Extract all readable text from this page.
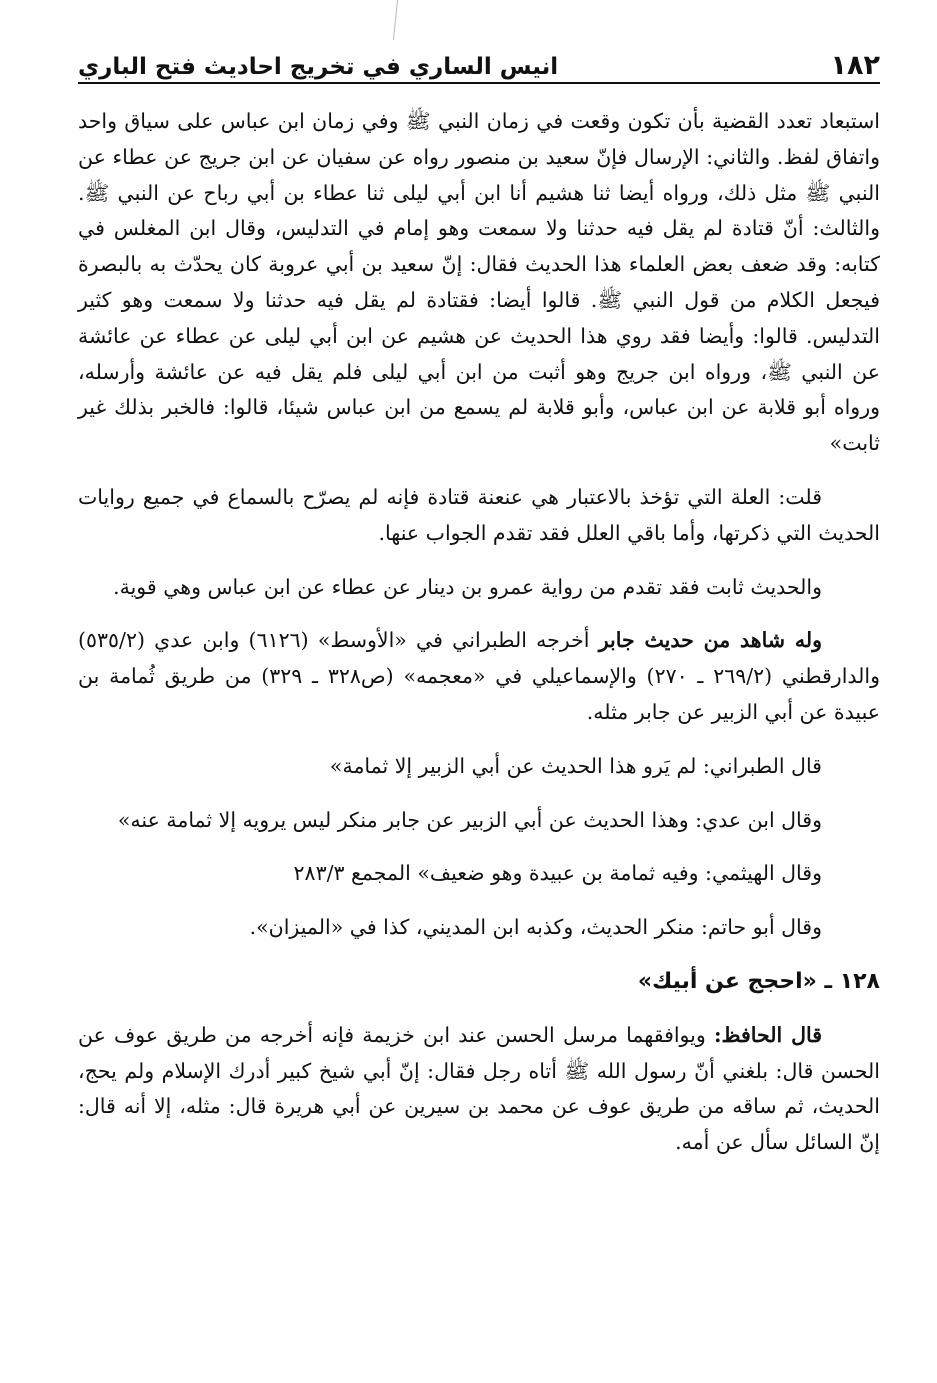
انيس الساري في تخريج احاديث فتح الباري	١٨٢

استبعاد تعدد القضية بأن تكون وقعت في زمان النبي ﷺ وفي زمان ابن عباس على سياق واحد واتفاق لفظ. والثاني: الإرسال فإنّ سعيد بن منصور رواه عن سفيان عن ابن جريج عن عطاء عن النبي ﷺ مثل ذلك، ورواه أيضا ثنا هشيم أنا ابن أبي ليلى ثنا عطاء بن أبي رباح عن النبي ﷺ. والثالث: أنّ قتادة لم يقل فيه حدثنا ولا سمعت وهو إمام في التدليس، وقال ابن المغلس في كتابه: وقد ضعف بعض العلماء هذا الحديث فقال: إنّ سعيد بن أبي عروبة كان يحدّث به بالبصرة فيجعل الكلام من قول النبي ﷺ. قالوا أيضا: فقتادة لم يقل فيه حدثنا ولا سمعت وهو كثير التدليس. قالوا: وأيضا فقد روي هذا الحديث عن هشيم عن ابن أبي ليلى عن عطاء عن عائشة عن النبي ﷺ، ورواه ابن جريج وهو أثبت من ابن أبي ليلى فلم يقل فيه عن عائشة وأرسله، ورواه أبو قلابة عن ابن عباس، وأبو قلابة لم يسمع من ابن عباس شيئا، قالوا: فالخبر بذلك غير ثابت»

قلت: العلة التي تؤخذ بالاعتبار هي عنعنة قتادة فإنه لم يصرّح بالسماع في جميع روايات الحديث التي ذكرتها، وأما باقي العلل فقد تقدم الجواب عنها.

والحديث ثابت فقد تقدم من رواية عمرو بن دينار عن عطاء عن ابن عباس وهي قوية.

وله شاهد من حديث جابر أخرجه الطبراني في «الأوسط» (٦١٢٦) وابن عدي (٥٣٥/٢) والدارقطني (٢٦٩/٢ ـ ٢٧٠) والإسماعيلي في «معجمه» (ص٣٢٨ ـ ٣٢٩) من طريق ثُمامة بن عبيدة عن أبي الزبير عن جابر مثله.

قال الطبراني: لم يَرو هذا الحديث عن أبي الزبير إلا ثمامة»

وقال ابن عدي: وهذا الحديث عن أبي الزبير عن جابر منكر ليس يرويه إلا ثمامة عنه»

وقال الهيثمي: وفيه ثمامة بن عبيدة وهو ضعيف» المجمع ٢٨٣/٣

وقال أبو حاتم: منكر الحديث، وكذبه ابن المديني، كذا في «الميزان».

١٢٨ ـ «احجج عن أبيك»

قال الحافظ: ويوافقهما مرسل الحسن عند ابن خزيمة فإنه أخرجه من طريق عوف عن الحسن قال: بلغني أنّ رسول الله ﷺ أتاه رجل فقال: إنّ أبي شيخ كبير أدرك الإسلام ولم يحج، الحديث، ثم ساقه من طريق عوف عن محمد بن سيرين عن أبي هريرة قال: مثله، إلا أنه قال: إنّ السائل سأل عن أمه.
